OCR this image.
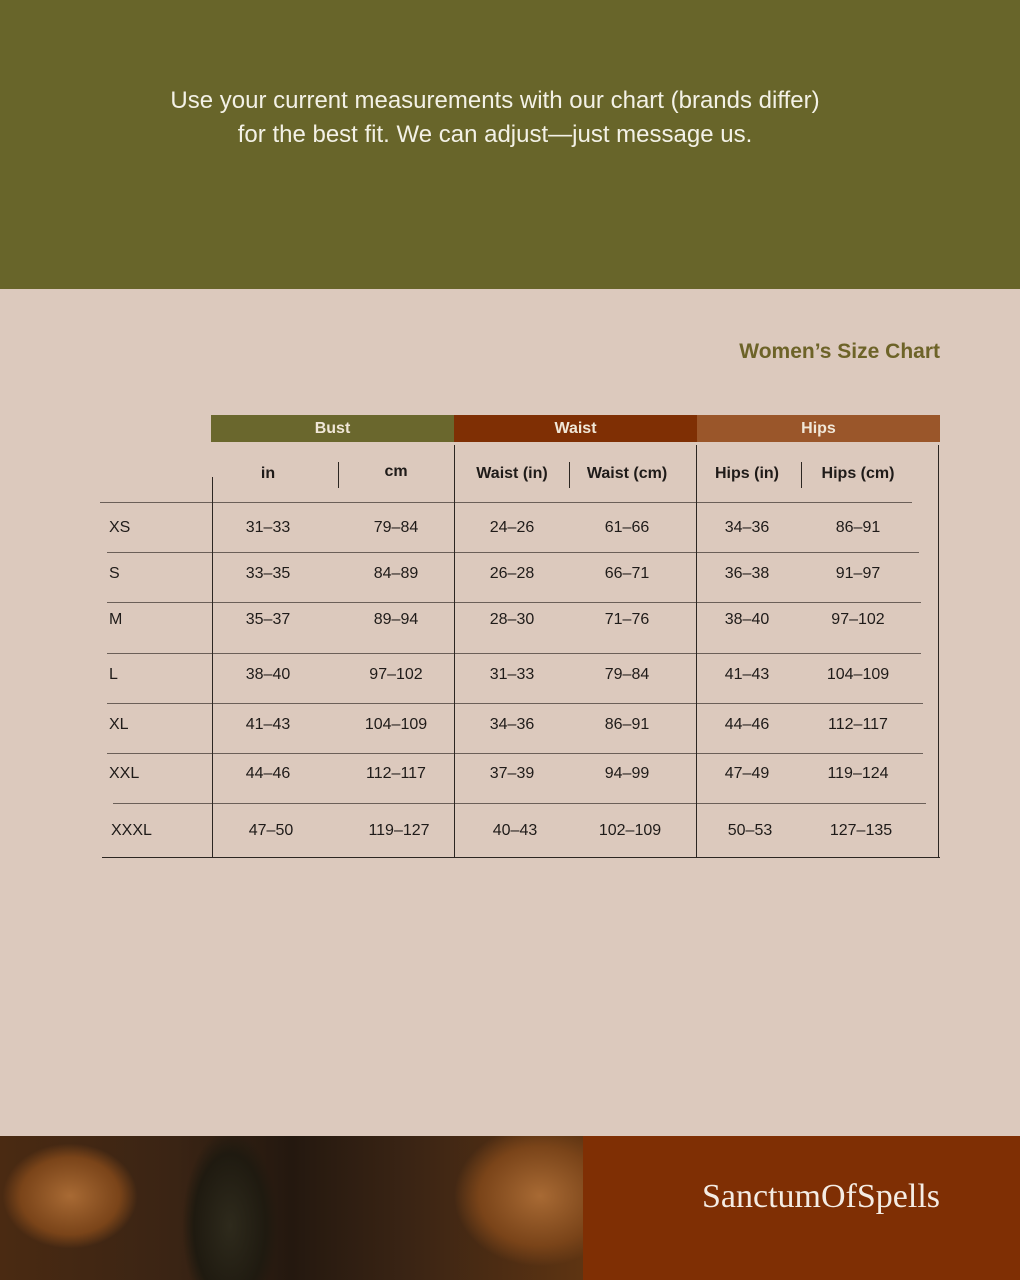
Use your current measurements with our chart (brands differ)
for the best fit. We can adjust—just message us.
Women’s Size Chart
Bust	Waist	Hips
in	cm	Waist (in) Waist (cm)	Hips (in)	Hips (cm)
XS	31–33	79–84	24–26	61–66	34–36	86–91
S	33–35	84–89	26–28	66–71	36–38	91–97
M	35–37	89–94	28–30	71–76	38–40	97–102
L	38–40	97–102	31–33	79–84	41–43	104–109
XL	41–43	104–109	34–36	86–91	44–46	112–117
XXL	44–46	112–117	37–39	94–99	47–49	119–124
XXXL	47–50	119–127	40–43	102–109	50–53	127–135
SanctumOfSpells
